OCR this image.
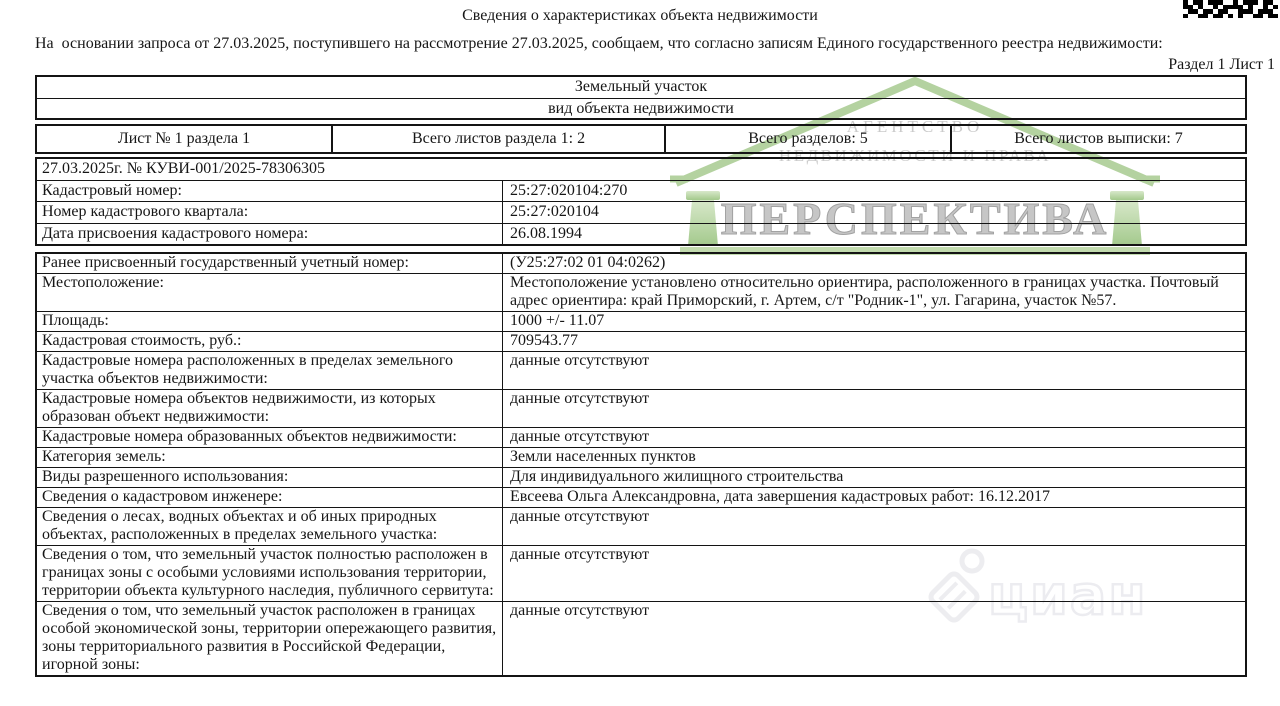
циан
АГЕНТСТВО
НЕДВИЖИМОСТИ И ПРАВА
ПЕРСПЕКТИВА
Сведения о характеристиках объекта недвижимости
На  основании запроса от 27.03.2025, поступившего на рассмотрение 27.03.2025, сообщаем, что согласно записям Единого государственного реестра недвижимости:
Раздел 1 Лист 1
Земельный участок
вид объекта недвижимости
Лист № 1 раздела 1	Всего листов раздела 1: 2	Всего разделов: 5	Всего листов выписки: 7
27.03.2025г. № КУВИ-001/2025-78306305
Кадастровый номер:	25:27:020104:270
Номер кадастрового квартала:	25:27:020104
Дата присвоения кадастрового номера:	26.08.1994
Ранее присвоенный государственный учетный номер:	(У25:27:02 01 04:0262)
Местоположение:	Местоположение установлено относительно ориентира, расположенного в границах участка. Почтовый адрес ориентира: край Приморский, г. Артем, с/т "Родник-1", ул. Гагарина, участок №57.
Площадь:	1000 +/- 11.07
Кадастровая стоимость, руб.:	709543.77
Кадастровые номера расположенных в пределах земельного участка объектов недвижимости:
данные отсутствуют
Кадастровые номера объектов недвижимости, из которых образован объект недвижимости:
данные отсутствуют
Кадастровые номера образованных объектов недвижимости:	данные отсутствуют
Категория земель:	Земли населенных пунктов
Виды разрешенного использования:	Для индивидуального жилищного строительства
Сведения о кадастровом инженере:	Евсеева Ольга Александровна, дата завершения кадастровых работ: 16.12.2017
Сведения о лесах, водных объектах и об иных природных объектах, расположенных в пределах земельного участка:
данные отсутствуют
Сведения о том, что земельный участок полностью расположен в границах зоны с особыми условиями использования территории, территории объекта культурного наследия, публичного сервитута:
данные отсутствуют
Сведения о том, что земельный участок расположен в границах особой экономической зоны, территории опережающего развития, зоны территориального развития в Российской Федерации, игорной зоны:
данные отсутствуют
